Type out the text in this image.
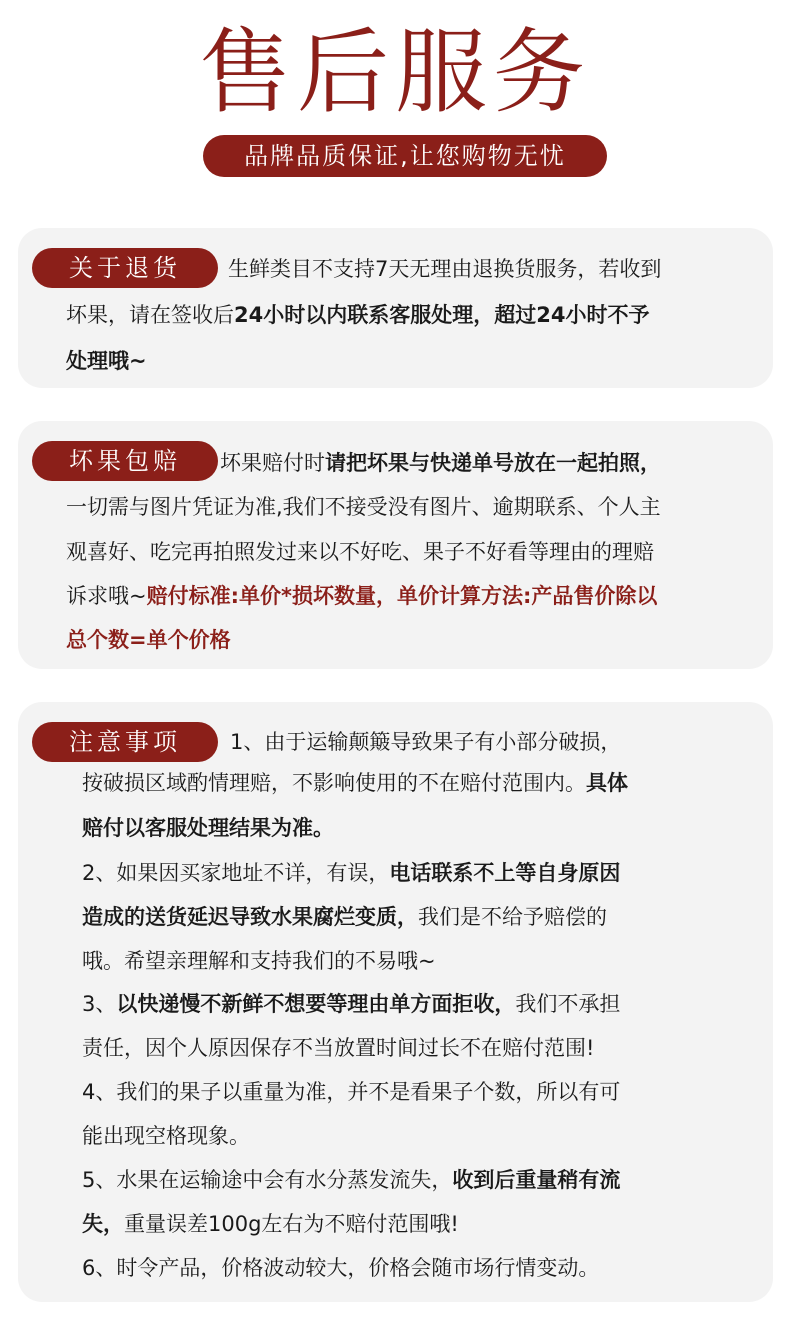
售后服务
品牌品质保证,让您购物无忧
关于退货	生鲜类目不支持7天无理由退换货服务，若收到
坏果，请在签收后24小时以内联系客服处理，超过24小时不予
处理哦~
坏果包赔	坏果赔付时请把坏果与快递单号放在一起拍照，
一切需与图片凭证为准,我们不接受没有图片、逾期联系、个人主
观喜好、吃完再拍照发过来以不好吃、果子不好看等理由的理赔
诉求哦~赔付标准:单价*损坏数量，单价计算方法:产品售价除以
总个数=单个价格
注意事项	1、由于运输颠簸导致果子有小部分破损，
按破损区域酌情理赔，不影响使用的不在赔付范围内。具体
赔付以客服处理结果为准。
2、如果因买家地址不详，有误，电话联系不上等自身原因
造成的送货延迟导致水果腐烂变质，我们是不给予赔偿的
哦。希望亲理解和支持我们的不易哦~
3、以快递慢不新鲜不想要等理由单方面拒收，我们不承担
责任，因个人原因保存不当放置时间过长不在赔付范围!
4、我们的果子以重量为准，并不是看果子个数，所以有可
能出现空格现象。
5、水果在运输途中会有水分蒸发流失，收到后重量稍有流
失，重量误差100g左右为不赔付范围哦!
6、时令产品，价格波动较大，价格会随市场行情变动。
